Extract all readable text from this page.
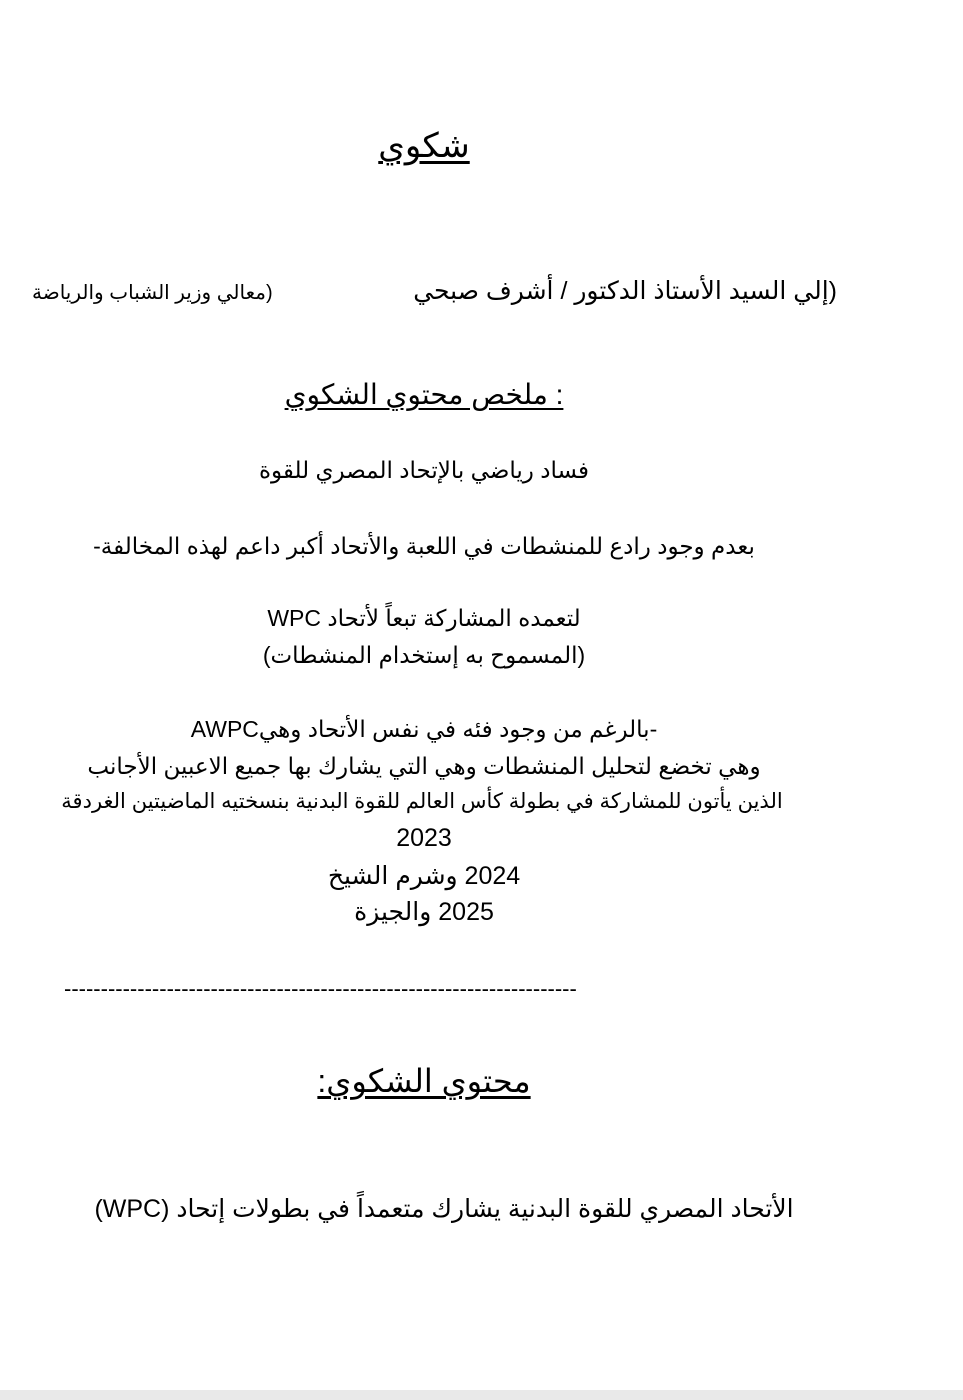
شكوي
(إلي السيد الأستاذ الدكتور / أشرف صبحي
(معالي وزير الشباب والرياضة
: ملخص محتوي الشكوي
فساد رياضي بالإتحاد المصري للقوة
بعدم وجود رادع للمنشطات في اللعبة والأتحاد أكبر داعم لهذه المخالفة-
WPC لتعمده المشاركة تبعاً لأتحاد
(المسموح به إستخدام المنشطات)
AWPCبالرغم من وجود فئه في نفس الأتحاد وهي-
وهي تخضع لتحليل المنشطات وهي التي يشارك بها جميع الاعبين الأجانب
الذين يأتون للمشاركة في بطولة كأس العالم للقوة البدنية بنسختيه الماضيتين الغردقة
2023
2024 وشرم الشيخ
2025 والجيزة
----------------------------------------------------------------------
محتوي الشكوي:
(WPC) الأتحاد المصري للقوة البدنية يشارك متعمداً في بطولات إتحاد
